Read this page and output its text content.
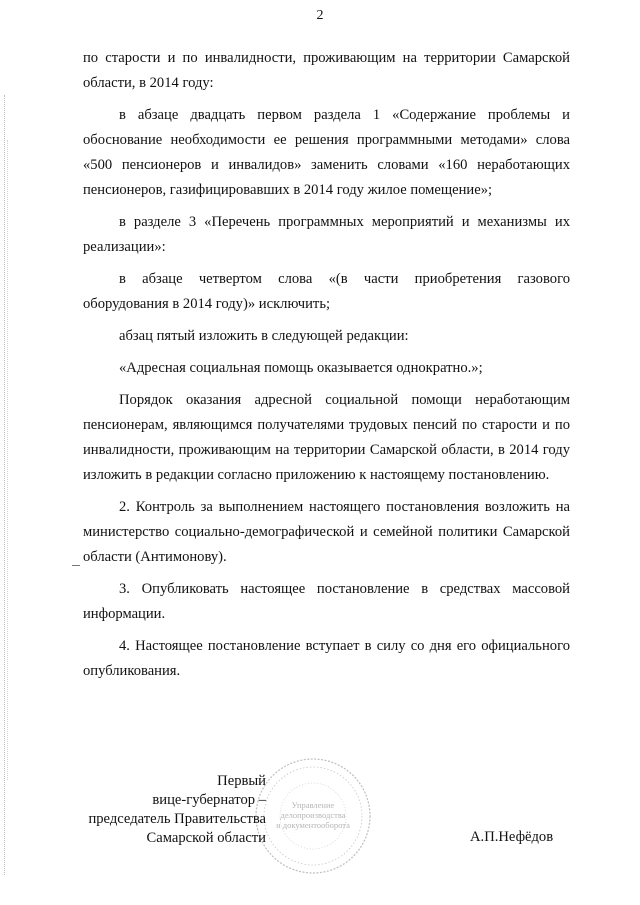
2

по старости и по инвалидности, проживающим на территории Самарской области, в 2014 году:

в абзаце двадцать первом раздела 1 «Содержание проблемы и обоснование необходимости ее решения программными методами» слова «500 пенсионеров и инвалидов» заменить словами «160 неработающих пенсионеров, газифицировавших в 2014 году жилое помещение»;

в разделе 3 «Перечень программных мероприятий и механизмы их реализации»:

в абзаце четвертом слова «(в части приобретения газового оборудования в 2014 году)» исключить;

абзац пятый изложить в следующей редакции:

«Адресная социальная помощь оказывается однократно.»;

Порядок оказания адресной социальной помощи неработающим пенсионерам, являющимся получателями трудовых пенсий по старости и по инвалидности, проживающим на территории Самарской области, в 2014 году изложить в редакции согласно приложению к настоящему постановлению.

2. Контроль за выполнением настоящего постановления возложить на министерство социально-демографической и семейной политики Самарской области (Антимонову).

3. Опубликовать настоящее постановление в средствах массовой информации.

4. Настоящее постановление вступает в силу со дня его официального опубликования.

Управление
делопроизводства
и документооборота
Первый
вице-губернатор –
председатель Правительства
Самарской области	А.П.Нефёдов
